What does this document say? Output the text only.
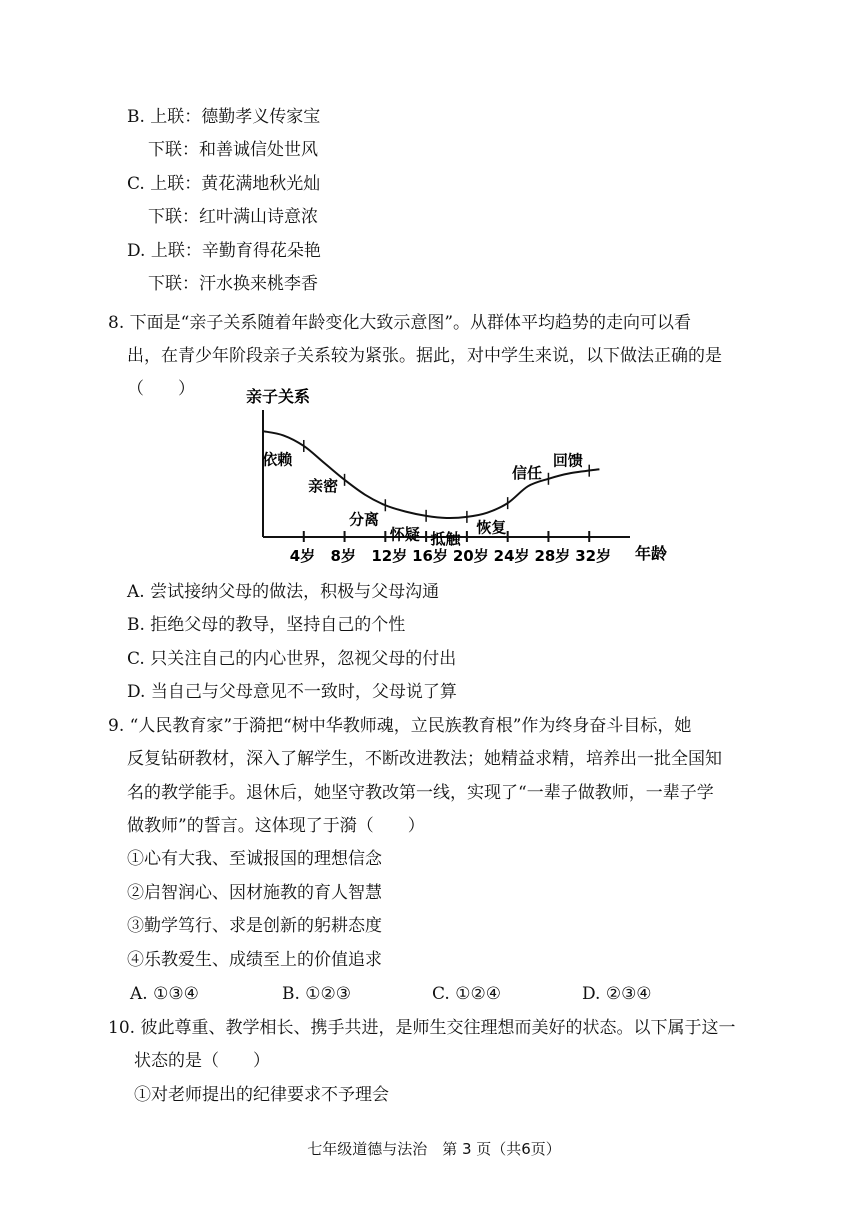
B. 上联：德勤孝义传家宝
下联：和善诚信处世风
C. 上联：黄花满地秋光灿
下联：红叶满山诗意浓
D. 上联：辛勤育得花朵艳
下联：汗水换来桃李香
8. 下面是“亲子关系随着年龄变化大致示意图”。从群体平均趋势的走向可以看
出，在青少年阶段亲子关系较为紧张。据此，对中学生来说，以下做法正确的是
（　　）	亲子关系
年龄
4岁 8岁 12岁 16岁 20岁 24岁 28岁 32岁
依赖
亲密
分离
怀疑 抵触
恢复
信任
回馈
A. 尝试接纳父母的做法，积极与父母沟通
B. 拒绝父母的教导，坚持自己的个性
C. 只关注自己的内心世界，忽视父母的付出
D. 当自己与父母意见不一致时，父母说了算
9. “人民教育家”于漪把“树中华教师魂，立民族教育根”作为终身奋斗目标，她
反复钻研教材，深入了解学生，不断改进教法；她精益求精，培养出一批全国知
名的教学能手。退休后，她坚守教改第一线，实现了“一辈子做教师，一辈子学
做教师”的誓言。这体现了于漪（　　）
①心有大我、至诚报国的理想信念
②启智润心、因材施教的育人智慧
③勤学笃行、求是创新的躬耕态度
④乐教爱生、成绩至上的价值追求
A. ①③④	B. ①②③	C. ①②④	D. ②③④
10. 彼此尊重、教学相长、携手共进，是师生交往理想而美好的状态。以下属于这一
状态的是（　　）
①对老师提出的纪律要求不予理会
七年级道德与法治　第 3 页（共6页）
